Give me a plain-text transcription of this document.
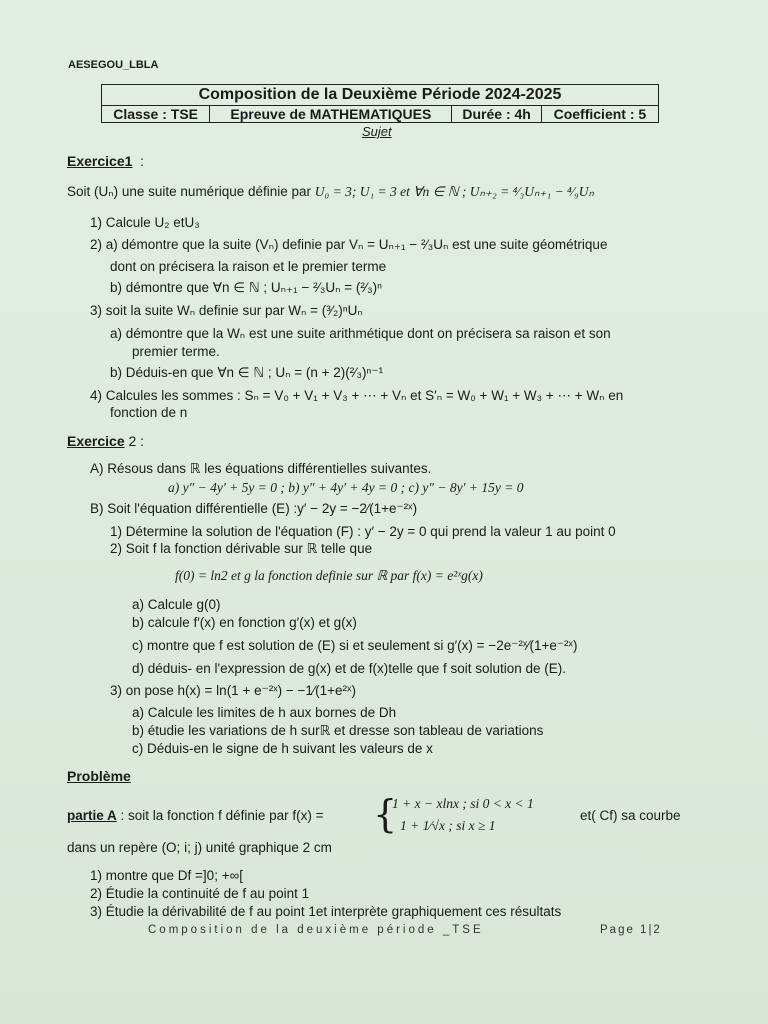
AESEGOU_LBLA
Composition de la Deuxième Période 2024-2025
Classe : TSE	Epreuve de MATHEMATIQUES	Durée : 4h	Coefficient : 5
Sujet
Exercice1 :
Soit (Uₙ) une suite numérique définie par U₀ = 3; U₁ = 3 et ∀n ∈ ℕ ; Uₙ₊₂ = ⁴⁄₃Uₙ₊₁ − ⁴⁄₉Uₙ
1) Calcule U₂ etU₃
2) a) démontre que la suite (Vₙ) definie par Vₙ = Uₙ₊₁ − ²⁄₃Uₙ est une suite géométrique
dont on précisera la raison et le premier terme
b) démontre que ∀n ∈ ℕ ; Uₙ₊₁ − ²⁄₃Uₙ = (²⁄₃)ⁿ
3) soit la suite Wₙ definie sur par Wₙ = (³⁄₂)ⁿUₙ
a) démontre que la Wₙ est une suite arithmétique dont on précisera sa raison et son
premier terme.
b) Déduis-en que ∀n ∈ ℕ ; Uₙ = (n + 2)(²⁄₃)ⁿ⁻¹
4) Calcules les sommes : Sₙ = V₀ + V₁ + V₃ + ⋯ + Vₙ et S′ₙ = W₀ + W₁ + W₃ + ⋯ + Wₙ en
fonction de n
Exercice 2 :
A) Résous dans ℝ les équations différentielles suivantes.
a) y″ − 4y′ + 5y = 0 ; b) y″ + 4y′ + 4y = 0 ; c) y″ − 8y′ + 15y = 0
B) Soit l'équation différentielle (E) :y′ − 2y = −2⁄(1+e⁻²ˣ)
1) Détermine la solution de l'équation (F) : y′ − 2y = 0 qui prend la valeur 1 au point 0
2) Soit f la fonction dérivable sur ℝ telle que
f(0) = ln2 et g la fonction definie sur ℝ par f(x) = e²ˣg(x)
a) Calcule g(0)
b) calcule f′(x) en fonction g′(x) et g(x)
c) montre que f est solution de (E) si et seulement si g′(x) = −2e⁻²ˣ⁄(1+e⁻²ˣ)
d) déduis- en l'expression de g(x) et de f(x)telle que f soit solution de (E).
3) on pose h(x) = ln(1 + e⁻²ˣ) − −1⁄(1+e²ˣ)
a) Calcule les limites de h aux bornes de Dh
b) étudie les variations de h surℝ et dresse son tableau de variations
c) Déduis-en le signe de h suivant les valeurs de x
Problème
partie A : soit la fonction f définie par f(x) = {
1 + x − xlnx ; si 0 < x < 1
1 + 1⁄√x ; si x ≥ 1
et( Cf) sa courbe
dans un repère (O; i; j) unité graphique 2 cm
1) montre que Df =]0; +∞[
2) Étudie la continuité de f au point 1
3) Étudie la dérivabilité de f au point 1et interprète graphiquement ces résultats
Composition de la deuxième période _TSE	Page 1|2
